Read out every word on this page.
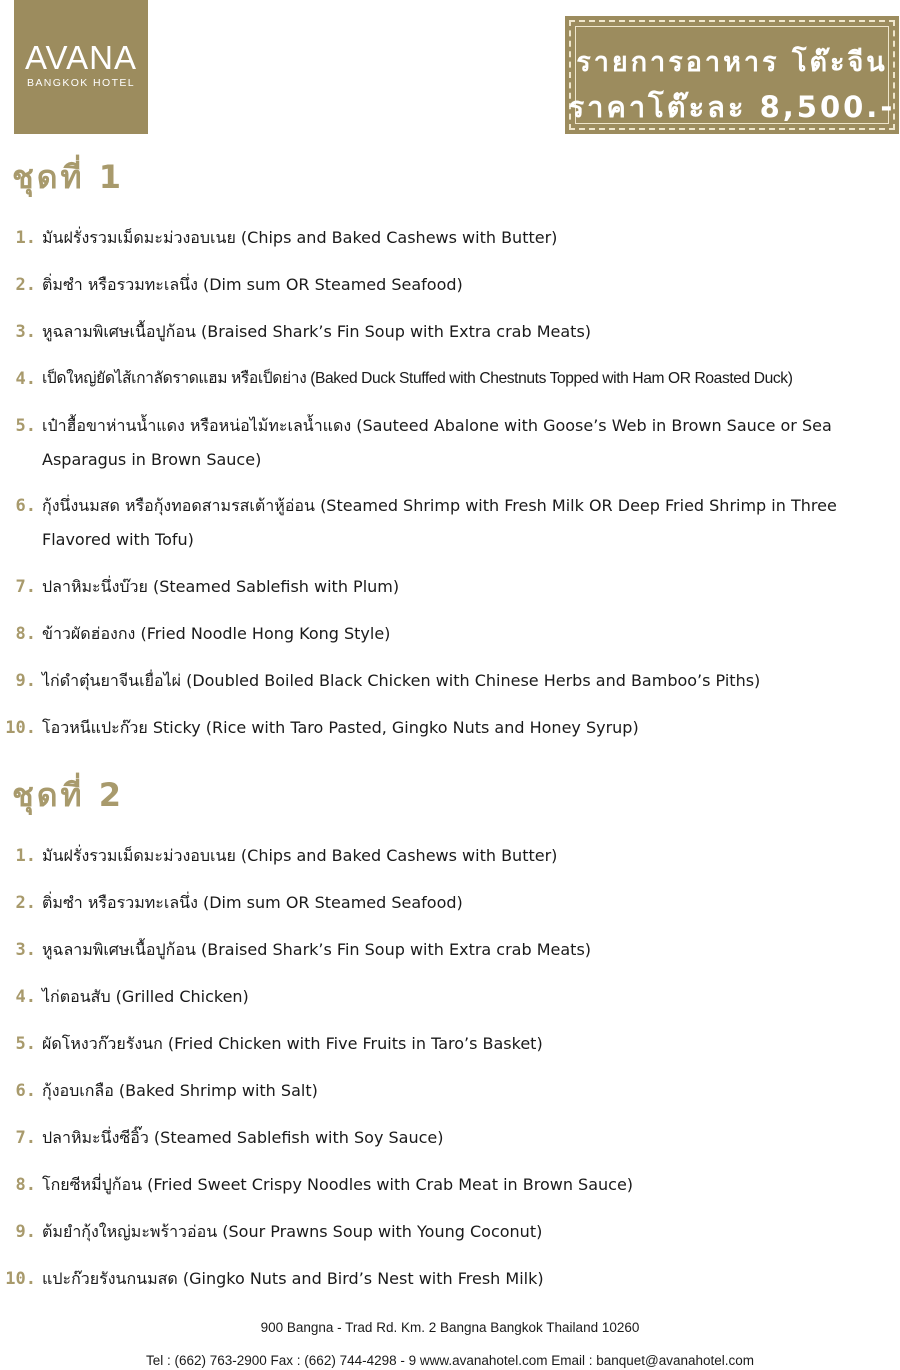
AVANA
BANGKOK HOTEL
รายการอาหาร โต๊ะจีน
ราคาโต๊ะละ 8,500.-
ชุดที่ 1
1. มันฝรั่งรวมเม็ดมะม่วงอบเนย (Chips and Baked Cashews with Butter)
2. ติ่มซำ หรือรวมทะเลนึ่ง (Dim sum OR Steamed Seafood)
3. หูฉลามพิเศษเนื้อปูก้อน (Braised Shark’s Fin Soup with Extra crab Meats)
4. เป็ดใหญ่ยัดไส้เกาลัดราดแฮม หรือเป็ดย่าง (Baked Duck Stuffed with Chestnuts Topped with Ham OR Roasted Duck)
5. เป๋าฮื้อขาห่านน้ำแดง หรือหน่อไม้ทะเลน้ำแดง (Sauteed Abalone with Goose’s Web in Brown Sauce or Sea Asparagus in Brown Sauce)
6. กุ้งนึ่งนมสด หรือกุ้งทอดสามรสเต้าหู้อ่อน (Steamed Shrimp with Fresh Milk OR Deep Fried Shrimp in Three Flavored with Tofu)
7. ปลาหิมะนึ่งบ๊วย (Steamed Sablefish with Plum)
8. ข้าวผัดฮ่องกง (Fried Noodle Hong Kong Style)
9. ไก่ดำตุ๋นยาจีนเยื่อไผ่ (Doubled Boiled Black Chicken with Chinese Herbs and Bamboo’s Piths)
10. โอวหนีแปะก๊วย Sticky (Rice with Taro Pasted, Gingko Nuts and Honey Syrup)
ชุดที่ 2
1. มันฝรั่งรวมเม็ดมะม่วงอบเนย (Chips and Baked Cashews with Butter)
2. ติ่มซำ หรือรวมทะเลนึ่ง (Dim sum OR Steamed Seafood)
3. หูฉลามพิเศษเนื้อปูก้อน (Braised Shark’s Fin Soup with Extra crab Meats)
4. ไก่ตอนสับ (Grilled Chicken)
5. ผัดโหงวก๊วยรังนก (Fried Chicken with Five Fruits in Taro’s Basket)
6. กุ้งอบเกลือ (Baked Shrimp with Salt)
7. ปลาหิมะนึ่งซีอิ๊ว (Steamed Sablefish with Soy Sauce)
8. โกยซีหมี่ปูก้อน (Fried Sweet Crispy Noodles with Crab Meat in Brown Sauce)
9. ต้มยำกุ้งใหญ่มะพร้าวอ่อน (Sour Prawns Soup with Young Coconut)
10. แปะก๊วยรังนกนมสด (Gingko Nuts and Bird’s Nest with Fresh Milk)
900 Bangna - Trad Rd. Km. 2 Bangna Bangkok Thailand 10260
Tel : (662) 763-2900 Fax : (662) 744-4298 - 9 www.avanahotel.com Email : banquet@avanahotel.com
